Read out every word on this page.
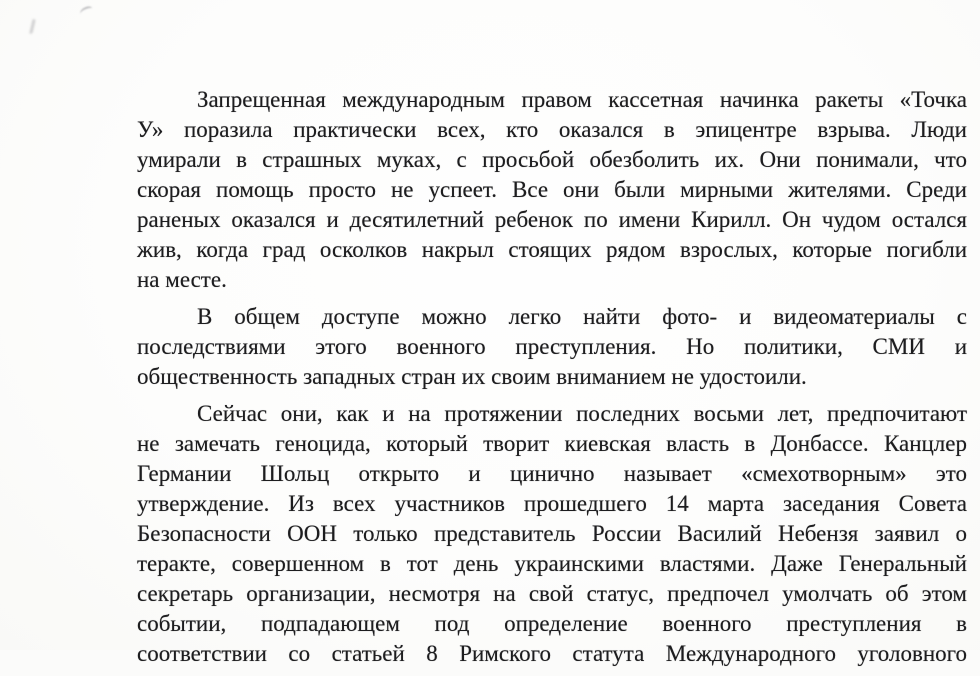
Запрещенная международным правом кассетная начинка ракеты «Точка
У» поразила практически всех, кто оказался в эпицентре взрыва. Люди
умирали в страшных муках, с просьбой обезболить их. Они понимали, что
скорая помощь просто не успеет. Все они были мирными жителями. Среди
раненых оказался и десятилетний ребенок по имени Кирилл. Он чудом остался
жив, когда град осколков накрыл стоящих рядом взрослых, которые погибли
на месте.
В общем доступе можно легко найти фото- и видеоматериалы с
последствиями этого военного преступления. Но политики, СМИ и
общественность западных стран их своим вниманием не удостоили.
Сейчас они, как и на протяжении последних восьми лет, предпочитают
не замечать геноцида, который творит киевская власть в Донбассе. Канцлер
Германии Шольц открыто и цинично называет «смехотворным» это
утверждение. Из всех участников прошедшего 14 марта заседания Совета
Безопасности ООН только представитель России Василий Небензя заявил о
теракте, совершенном в тот день украинскими властями. Даже Генеральный
секретарь организации, несмотря на свой статус, предпочел умолчать об этом
событии, подпадающем под определение военного преступления в
соответствии со статьей 8 Римского статута Международного уголовного
